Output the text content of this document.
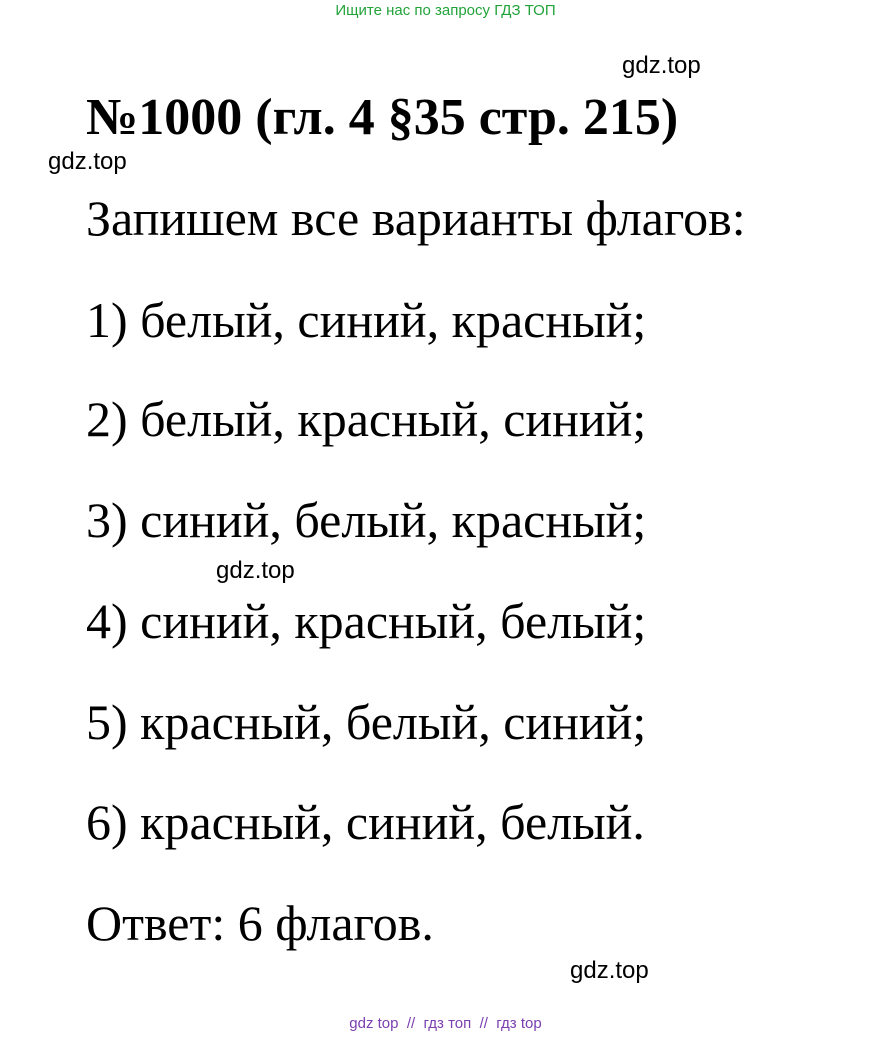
Ищите нас по запросу ГДЗ ТОП
gdz.top
№1000 (гл. 4 §35 стр. 215)
gdz.top
Запишем все варианты флагов:
1) белый, синий, красный;
2) белый, красный, синий;
3) синий, белый, красный;
gdz.top
4) синий, красный, белый;
5) красный, белый, синий;
6) красный, синий, белый.
Ответ: 6 флагов.
gdz.top
gdz top  //  гдз топ  //  гдз top
